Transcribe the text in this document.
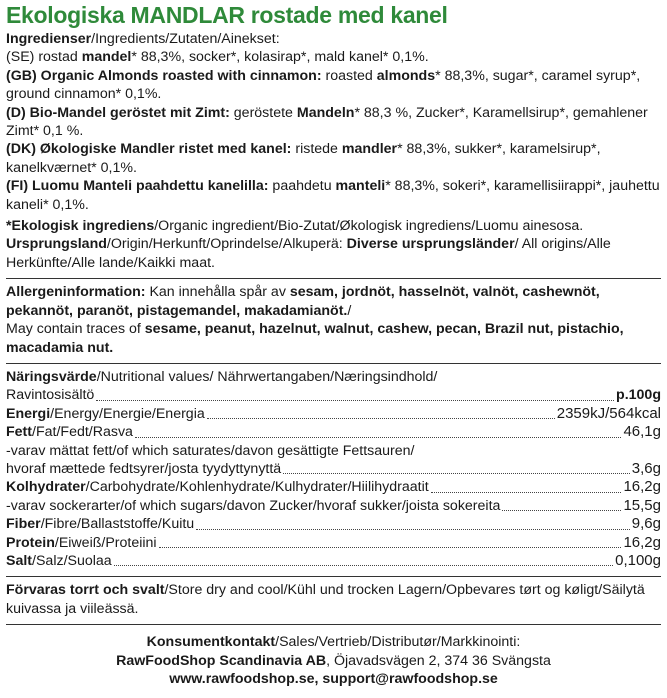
Ekologiska MANDLAR rostade med kanel

Ingredienser/Ingredients/Zutaten/Ainekset:

(SE) rostad mandel* 88,3%, socker*, kolasirap*, mald kanel* 0,1%.

(GB) Organic Almonds roasted with cinnamon: roasted almonds* 88,3%, sugar*, caramel syrup*, ground cinnamon* 0,1%.

(D) Bio-Mandel geröstet mit Zimt: geröstete Mandeln* 88,3 %, Zucker*, Karamellsirup*, gemahlener Zimt* 0,1 %.

(DK) Økologiske Mandler ristet med kanel: ristede mandler* 88,3%, sukker*, karamelsirup*, kanelkværnet* 0,1%.

(FI) Luomu Manteli paahdettu kanelilla: paahdetu manteli* 88,3%, sokeri*, karamellisiirappi*, jauhettu kaneli* 0,1%.

*Ekologisk ingrediens/Organic ingredient/Bio-Zutat/Økologisk ingrediens/Luomu ainesosa.

Ursprungsland/Origin/Herkunft/Oprindelse/Alkuperä: Diverse ursprungsländer/ All origins/Alle Herkünfte/Alle lande/Kaikki maat.

Allergeninformation: Kan innehålla spår av sesam, jordnöt, hasselnöt, valnöt, cashewnöt, pekannöt, paranöt, pistagemandel, makadamianöt./

May contain traces of sesame, peanut, hazelnut, walnut, cashew, pecan, Brazil nut, pistachio, macadamia nut.

Näringsvärde/Nutritional values/ Nährwertangaben/Næringsindhold/
Ravintosisältö	p.100g
Energi/Energy/Energie/Energia	2359kJ/564kcal
Fett/Fat/Fedt/Rasva	46,1g
-varav mättat fett/of which saturates/davon gesättigte Fettsauren/
hvoraf mættede fedtsyrer/josta tyydyttynyttä	3,6g
Kolhydrater/Carbohydrate/Kohlenhydrate/Kulhydrater/Hiilihydraatit	16,2g
-varav sockerarter/of which sugars/davon Zucker/hvoraf sukker/joista sokereita	15,5g
Fiber/Fibre/Ballaststoffe/Kuitu	9,6g
Protein/Eiweiß/Proteiini	16,2g
Salt/Salz/Suolaa	0,100g

Förvaras torrt och svalt/Store dry and cool/Kühl und trocken Lagern/Opbevares tørt og køligt/Säilytä kuivassa ja viileässä.

Konsumentkontakt/Sales/Vertrieb/Distributør/Markkinointi:
RawFoodShop Scandinavia AB, Öjavadsvägen 2, 374 36 Svängsta
www.rawfoodshop.se, support@rawfoodshop.se
